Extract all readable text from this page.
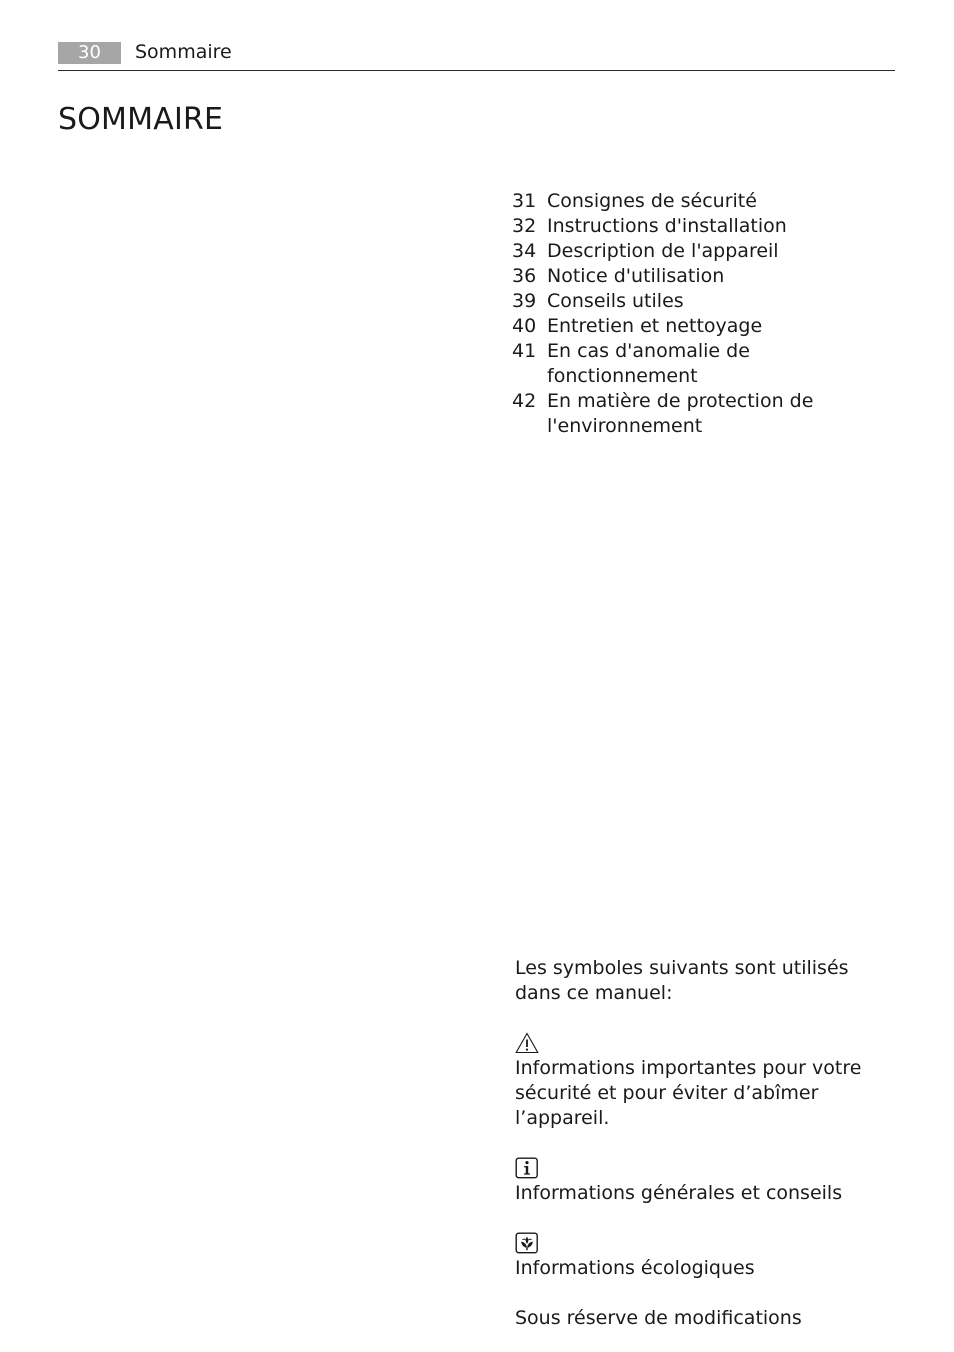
30	Sommaire
SOMMAIRE
31 Consignes de sécurité
32 Instructions d'installation
34 Description de l'appareil
36 Notice d'utilisation
39 Conseils utiles
40 Entretien et nettoyage
41 En cas d'anomalie de fonctionnement
42 En matière de protection de l'environnement

Les symboles suivants sont utilisés dans ce manuel:

Informations importantes pour votre sécurité et pour éviter d’abîmer l’appareil.

Informations générales et conseils

Informations écologiques

Sous réserve de modifications
